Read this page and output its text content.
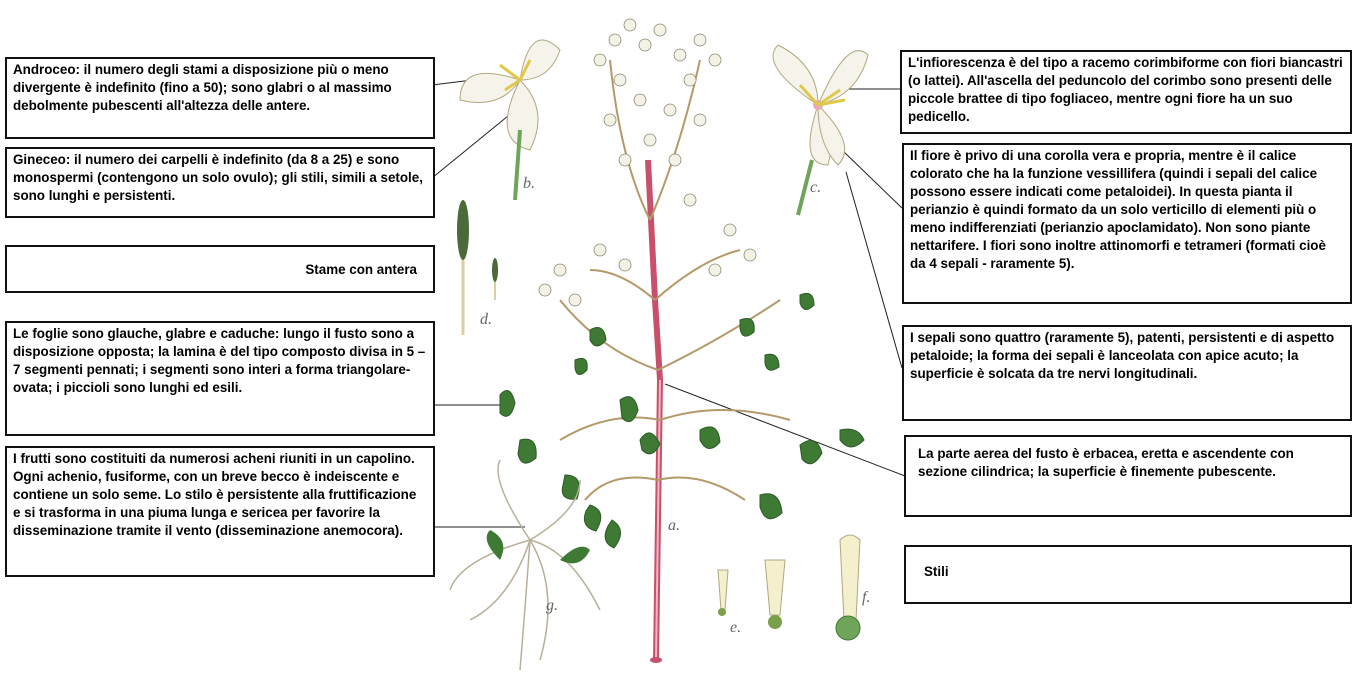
a.
b.	c.
d.
e.
f.
g.
Androceo: il numero degli stami a disposizione più o meno divergente è indefinito (fino a 50); sono glabri o al massimo debolmente pubescenti all'altezza delle antere.
Gineceo: il numero dei carpelli è indefinito (da 8 a 25) e sono monospermi (contengono un solo ovulo); gli stili, simili a setole, sono lunghi e persistenti.
Stame con antera
Le foglie sono glauche, glabre e caduche: lungo il fusto sono a disposizione opposta; la lamina è del tipo composto divisa in 5 – 7 segmenti pennati; i segmenti sono interi a forma triangolare-ovata; i piccioli sono lunghi ed esili.
I frutti sono costituiti da numerosi acheni riuniti in un capolino. Ogni achenio, fusiforme, con un breve becco è indeiscente e contiene un solo seme. Lo stilo è persistente alla fruttificazione e si trasforma in una piuma lunga e sericea per favorire la disseminazione tramite il vento (disseminazione anemocora).
L'infiorescenza è del tipo a racemo corimbiforme con fiori biancastri (o lattei). All'ascella del peduncolo del corimbo sono presenti delle piccole brattee di tipo fogliaceo, mentre ogni fiore ha un suo pedicello.
Il fiore è privo di una corolla vera e propria, mentre è il calice colorato che ha la funzione vessillifera (quindi i sepali del calice possono essere indicati come petaloidei). In questa pianta il perianzio è quindi formato da un solo verticillo di elementi più o meno indifferenziati (perianzio apoclamidato). Non sono piante nettarifere. I fiori sono inoltre attinomorfi e tetrameri (formati cioè da 4 sepali - raramente 5).
I sepali sono quattro (raramente 5), patenti, persistenti e di aspetto petaloide; la forma dei sepali è lanceolata con apice acuto; la superficie è solcata da tre nervi longitudinali.
La parte aerea del fusto è erbacea, eretta e ascendente con sezione cilindrica; la superficie è finemente pubescente.
Stili
